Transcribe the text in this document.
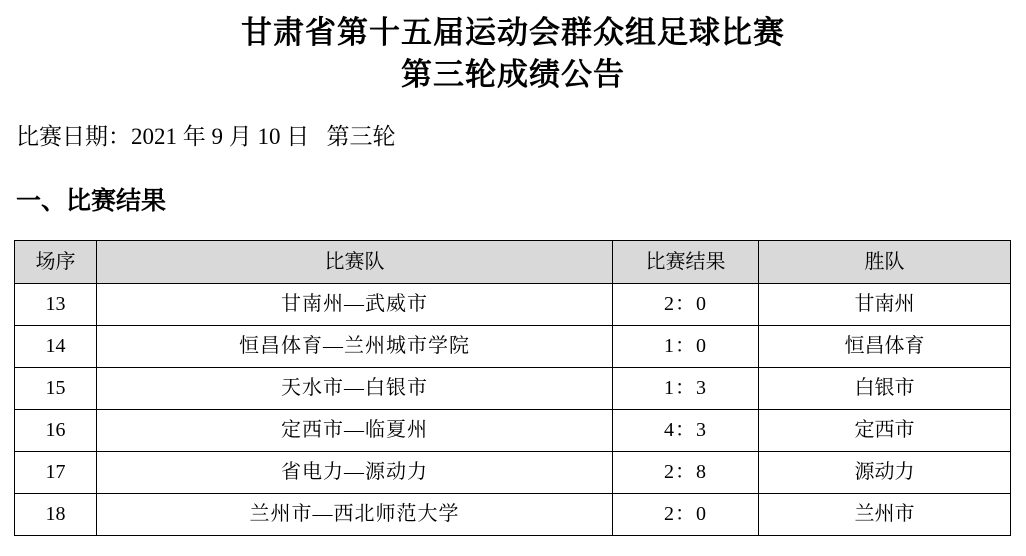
甘肃省第十五届运动会群众组足球比赛
第三轮成绩公告
比赛日期：2021 年 9 月 10 日   第三轮
一、比赛结果
场序	比赛队	比赛结果	胜队
13	甘南州—武威市	2：0	甘南州
14	恒昌体育—兰州城市学院	1：0	恒昌体育
15	天水市—白银市	1：3	白银市
16	定西市—临夏州	4：3	定西市
17	省电力—源动力	2：8	源动力
18	兰州市—西北师范大学	2：0	兰州市
